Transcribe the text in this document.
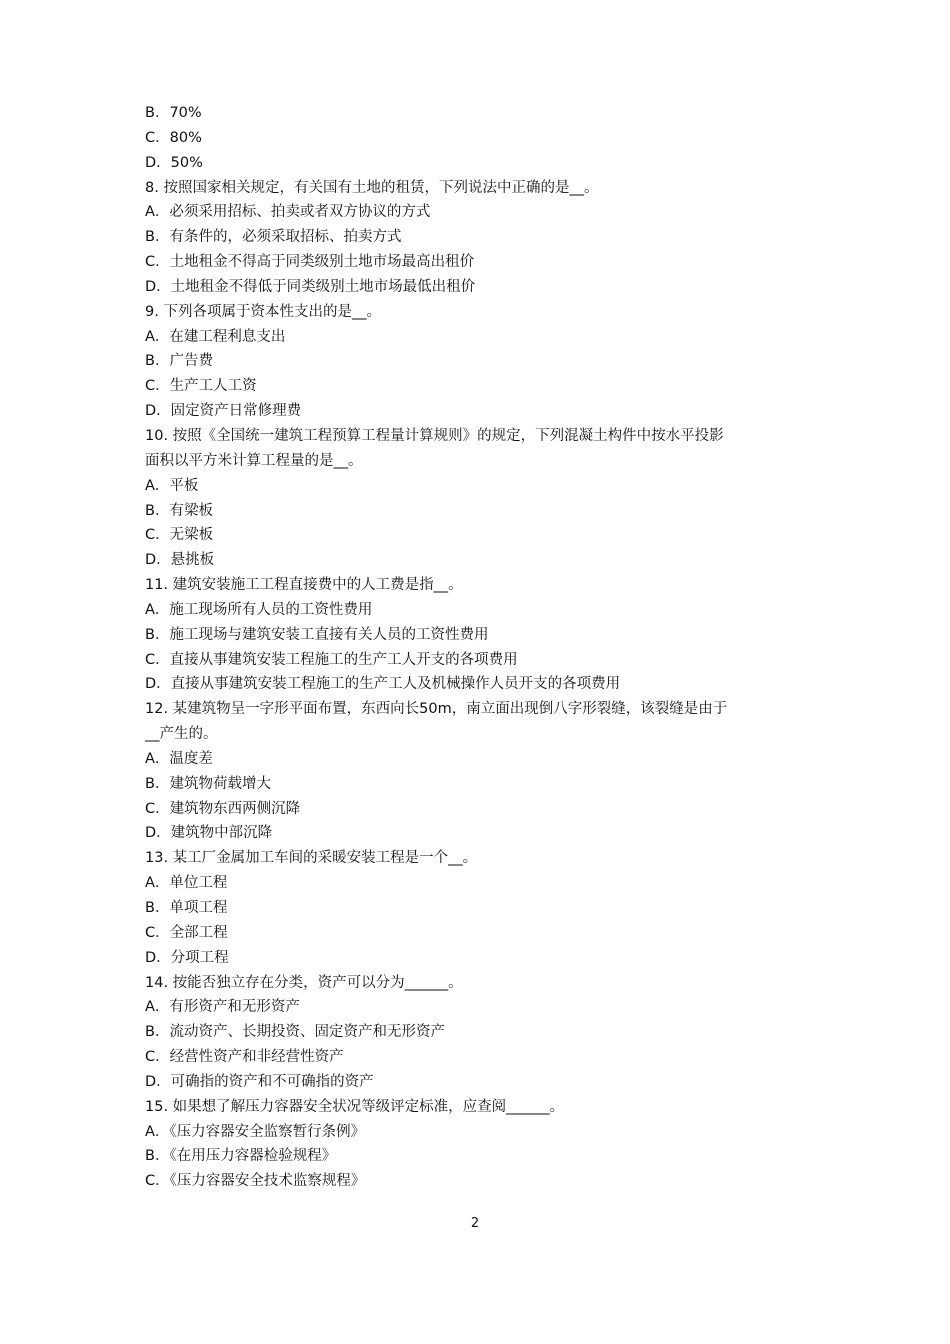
B．70%
C．80%
D．50%
8. 按照国家相关规定，有关国有土地的租赁，下列说法中正确的是__。
A．必须采用招标、拍卖或者双方协议的方式
B．有条件的，必须采取招标、拍卖方式
C．土地租金不得高于同类级别土地市场最高出租价
D．土地租金不得低于同类级别土地市场最低出租价
9. 下列各项属于资本性支出的是__。
A．在建工程利息支出
B．广告费
C．生产工人工资
D．固定资产日常修理费
10. 按照《全国统一建筑工程预算工程量计算规则》的规定，下列混凝土构件中按水平投影
面积以平方米计算工程量的是__。
A．平板
B．有梁板
C．无梁板
D．悬挑板
11. 建筑安装施工工程直接费中的人工费是指__。
A．施工现场所有人员的工资性费用
B．施工现场与建筑安装工直接有关人员的工资性费用
C．直接从事建筑安装工程施工的生产工人开支的各项费用
D．直接从事建筑安装工程施工的生产工人及机械操作人员开支的各项费用
12. 某建筑物呈一字形平面布置，东西向长50m，南立面出现倒八字形裂缝，该裂缝是由于
__产生的。
A．温度差
B．建筑物荷载增大
C．建筑物东西两侧沉降
D．建筑物中部沉降
13. 某工厂金属加工车间的采暖安装工程是一个__。
A．单位工程
B．单项工程
C．全部工程
D．分项工程
14. 按能否独立存在分类，资产可以分为______。
A．有形资产和无形资产
B．流动资产、长期投资、固定资产和无形资产
C．经营性资产和非经营性资产
D．可确指的资产和不可确指的资产
15. 如果想了解压力容器安全状况等级评定标准，应查阅______。
A．《压力容器安全监察暂行条例》
B．《在用压力容器检验规程》
C．《压力容器安全技术监察规程》
2
